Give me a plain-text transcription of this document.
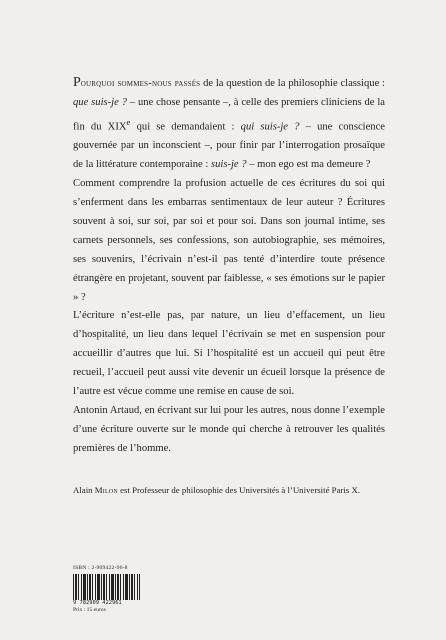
Pourquoi sommes-nous passés de la question de la philosophie classique : que suis-je ? – une chose pensante –, à celle des premiers cliniciens de la fin du XIXe qui se demandaient : qui suis-je ? – une conscience gouvernée par un inconscient –, pour finir par l’interrogation prosaïque de la littérature contemporaine : suis-je ? – mon ego est ma demeure ?

Comment comprendre la profusion actuelle de ces écritures du soi qui s’enferment dans les embarras sentimentaux de leur auteur ? Écritures souvent à soi, sur soi, par soi et pour soi. Dans son journal intime, ses carnets personnels, ses confessions, son autobiographie, ses mémoires, ses souvenirs, l’écrivain n’est-il pas tenté d’interdire toute présence étrangère en projetant, souvent par faiblesse, « ses émotions sur le papier » ?

L’écriture n’est-elle pas, par nature, un lieu d’effacement, un lieu d’hospitalité, un lieu dans lequel l’écrivain se met en suspension pour accueillir d’autres que lui. Si l’hospitalité est un accueil qui peut être recueil, l’accueil peut aussi vite devenir un écueil lorsque la présence de l’autre est vécue comme une remise en cause de soi.

Antonin Artaud, en écrivant sur lui pour les autres, nous donne l’exemple d’une écriture ouverte sur le monde qui cherche à retrouver les qualités premières de l’homme.

Alain Milon est Professeur de philosophie des Universités à l’Université Paris X.
ISBN : 2-909422-96-8
9 782909 422961
Prix : 15 euros
